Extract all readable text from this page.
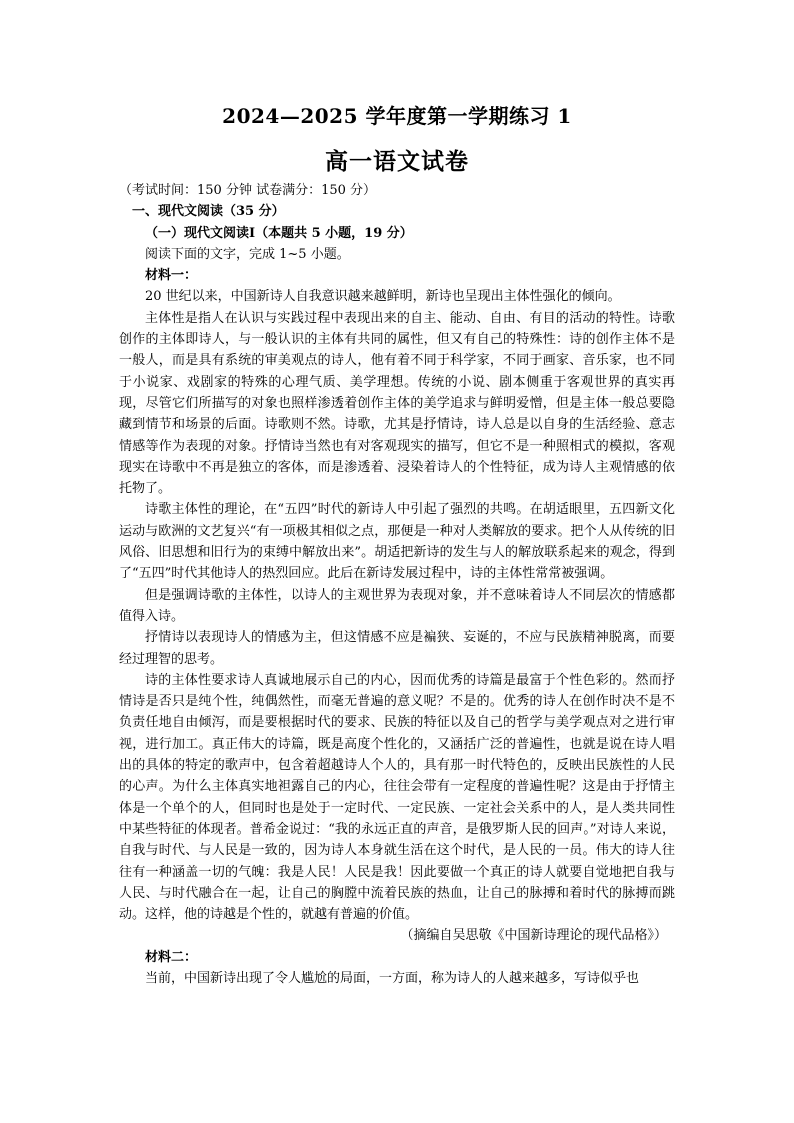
2024—2025 学年度第一学期练习 1
高一语文试卷

（考试时间：150 分钟 试卷满分：150 分）

一、现代文阅读（35 分）

（一）现代文阅读Ⅰ（本题共 5 小题，19 分）

阅读下面的文字，完成 1~5 小题。

材料一：

20 世纪以来，中国新诗人自我意识越来越鲜明，新诗也呈现出主体性强化的倾向。

主体性是指人在认识与实践过程中表现出来的自主、能动、自由、有目的活动的特性。诗歌创作的主体即诗人，与一般认识的主体有共同的属性，但又有自己的特殊性：诗的创作主体不是一般人，而是具有系统的审美观点的诗人，他有着不同于科学家，不同于画家、音乐家，也不同于小说家、戏剧家的特殊的心理气质、美学理想。传统的小说、剧本侧重于客观世界的真实再现，尽管它们所描写的对象也照样渗透着创作主体的美学追求与鲜明爱憎，但是主体一般总要隐藏到情节和场景的后面。诗歌则不然。诗歌，尤其是抒情诗，诗人总是以自身的生活经验、意志情感等作为表现的对象。抒情诗当然也有对客观现实的描写，但它不是一种照相式的模拟，客观现实在诗歌中不再是独立的客体，而是渗透着、浸染着诗人的个性特征，成为诗人主观情感的依托物了。

诗歌主体性的理论，在“五四”时代的新诗人中引起了强烈的共鸣。在胡适眼里，五四新文化运动与欧洲的文艺复兴“有一项极其相似之点，那便是一种对人类解放的要求。把个人从传统的旧风俗、旧思想和旧行为的束缚中解放出来”。胡适把新诗的发生与人的解放联系起来的观念，得到了“五四”时代其他诗人的热烈回应。此后在新诗发展过程中，诗的主体性常常被强调。

但是强调诗歌的主体性，以诗人的主观世界为表现对象，并不意味着诗人不同层次的情感都值得入诗。

抒情诗以表现诗人的情感为主，但这情感不应是褊狭、妄诞的，不应与民族精神脱离，而要经过理智的思考。

诗的主体性要求诗人真诚地展示自己的内心，因而优秀的诗篇是最富于个性色彩的。然而抒情诗是否只是纯个性，纯偶然性，而毫无普遍的意义呢？不是的。优秀的诗人在创作时决不是不负责任地自由倾泻，而是要根据时代的要求、民族的特征以及自己的哲学与美学观点对之进行审视，进行加工。真正伟大的诗篇，既是高度个性化的，又涵括广泛的普遍性，也就是说在诗人唱出的具体的特定的歌声中，包含着超越诗人个人的，具有那一时代特色的，反映出民族性的人民的心声。为什么主体真实地袒露自己的内心，往往会带有一定程度的普遍性呢？这是由于抒情主体是一个单个的人，但同时也是处于一定时代、一定民族、一定社会关系中的人，是人类共同性中某些特征的体现者。普希金说过：“我的永远正直的声音，是俄罗斯人民的回声。”对诗人来说，自我与时代、与人民是一致的，因为诗人本身就生活在这个时代，是人民的一员。伟大的诗人往往有一种涵盖一切的气魄：我是人民！人民是我！因此要做一个真正的诗人就要自觉地把自我与人民、与时代融合在一起，让自己的胸膛中流着民族的热血，让自己的脉搏和着时代的脉搏而跳动。这样，他的诗越是个性的，就越有普遍的价值。

（摘编自吴思敬《中国新诗理论的现代品格》）

材料二：

当前，中国新诗出现了令人尴尬的局面，一方面，称为诗人的人越来越多，写诗似乎也
